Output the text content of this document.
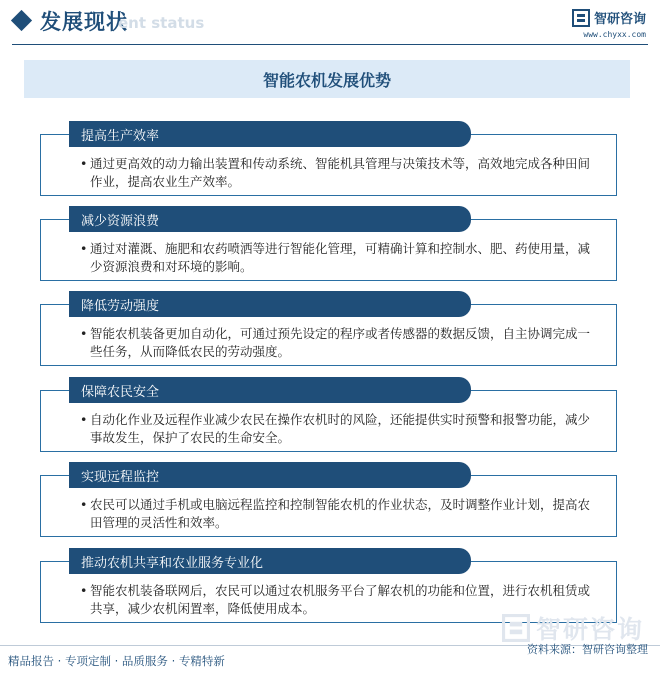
发展现状
ent status	智研咨询
www.chyxx.com
智能农机发展优势
提高生产效率
• 通过更高效的动力输出装置和传动系统、智能机具管理与决策技术等，高效地完成各种田间作业，提高农业生产效率。
减少资源浪费
• 通过对灌溉、施肥和农药喷洒等进行智能化管理，可精确计算和控制水、肥、药使用量，减少资源浪费和对环境的影响。
降低劳动强度
• 智能农机装备更加自动化，可通过预先设定的程序或者传感器的数据反馈，自主协调完成一些任务，从而降低农民的劳动强度。
保障农民安全
• 自动化作业及远程作业减少农民在操作农机时的风险，还能提供实时预警和报警功能，减少事故发生，保护了农民的生命安全。
实现远程监控
• 农民可以通过手机或电脑远程监控和控制智能农机的作业状态，及时调整作业计划，提高农田管理的灵活性和效率。
推动农机共享和农业服务专业化
• 智能农机装备联网后，农民可以通过农机服务平台了解农机的功能和位置，进行农机租赁或共享，减少农机闲置率，降低使用成本。
智研咨询
精品报告 · 专项定制 · 品质服务 · 专精特新
资料来源：智研咨询整理
